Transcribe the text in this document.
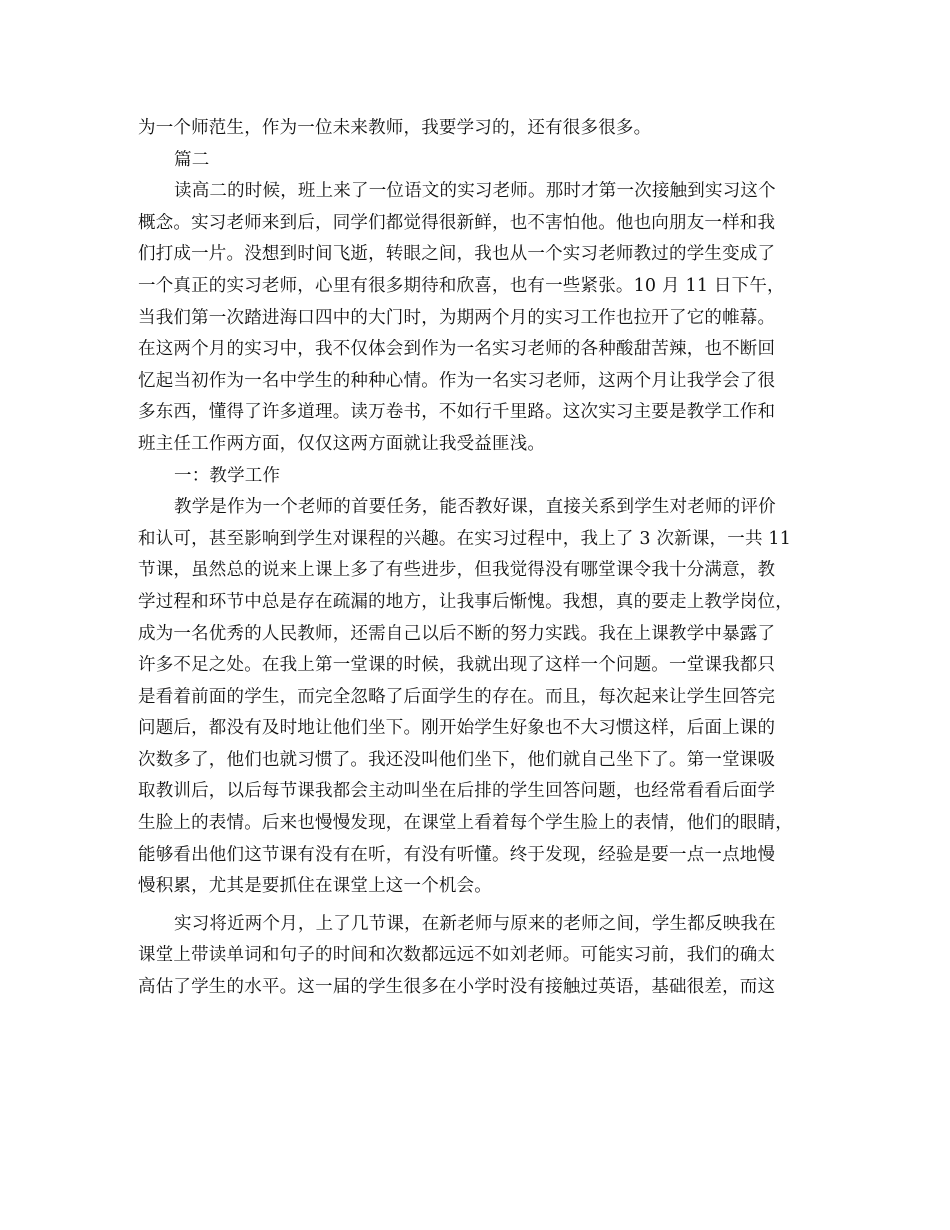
为一个师范生，作为一位未来教师，我要学习的，还有很多很多。
篇二
读高二的时候，班上来了一位语文的实习老师。那时才第一次接触到实习这个
概念。实习老师来到后，同学们都觉得很新鲜，也不害怕他。他也向朋友一样和我
们打成一片。没想到时间飞逝，转眼之间，我也从一个实习老师教过的学生变成了
一个真正的实习老师，心里有很多期待和欣喜，也有一些紧张。10 月 11 日下午，
当我们第一次踏进海口四中的大门时，为期两个月的实习工作也拉开了它的帷幕。
在这两个月的实习中，我不仅体会到作为一名实习老师的各种酸甜苦辣，也不断回
忆起当初作为一名中学生的种种心情。作为一名实习老师，这两个月让我学会了很
多东西，懂得了许多道理。读万卷书，不如行千里路。这次实习主要是教学工作和
班主任工作两方面，仅仅这两方面就让我受益匪浅。
一：教学工作
教学是作为一个老师的首要任务，能否教好课，直接关系到学生对老师的评价
和认可，甚至影响到学生对课程的兴趣。在实习过程中，我上了 3 次新课，一共 11
节课，虽然总的说来上课上多了有些进步，但我觉得没有哪堂课令我十分满意，教
学过程和环节中总是存在疏漏的地方，让我事后惭愧。我想，真的要走上教学岗位，
成为一名优秀的人民教师，还需自己以后不断的努力实践。我在上课教学中暴露了
许多不足之处。在我上第一堂课的时候，我就出现了这样一个问题。一堂课我都只
是看着前面的学生，而完全忽略了后面学生的存在。而且，每次起来让学生回答完
问题后，都没有及时地让他们坐下。刚开始学生好象也不大习惯这样，后面上课的
次数多了，他们也就习惯了。我还没叫他们坐下，他们就自己坐下了。第一堂课吸
取教训后，以后每节课我都会主动叫坐在后排的学生回答问题，也经常看看后面学
生脸上的表情。后来也慢慢发现，在课堂上看着每个学生脸上的表情，他们的眼睛，
能够看出他们这节课有没有在听，有没有听懂。终于发现，经验是要一点一点地慢
慢积累，尤其是要抓住在课堂上这一个机会。
实习将近两个月，上了几节课，在新老师与原来的老师之间，学生都反映我在
课堂上带读单词和句子的时间和次数都远远不如刘老师。可能实习前，我们的确太
高估了学生的水平。这一届的学生很多在小学时没有接触过英语，基础很差，而这
